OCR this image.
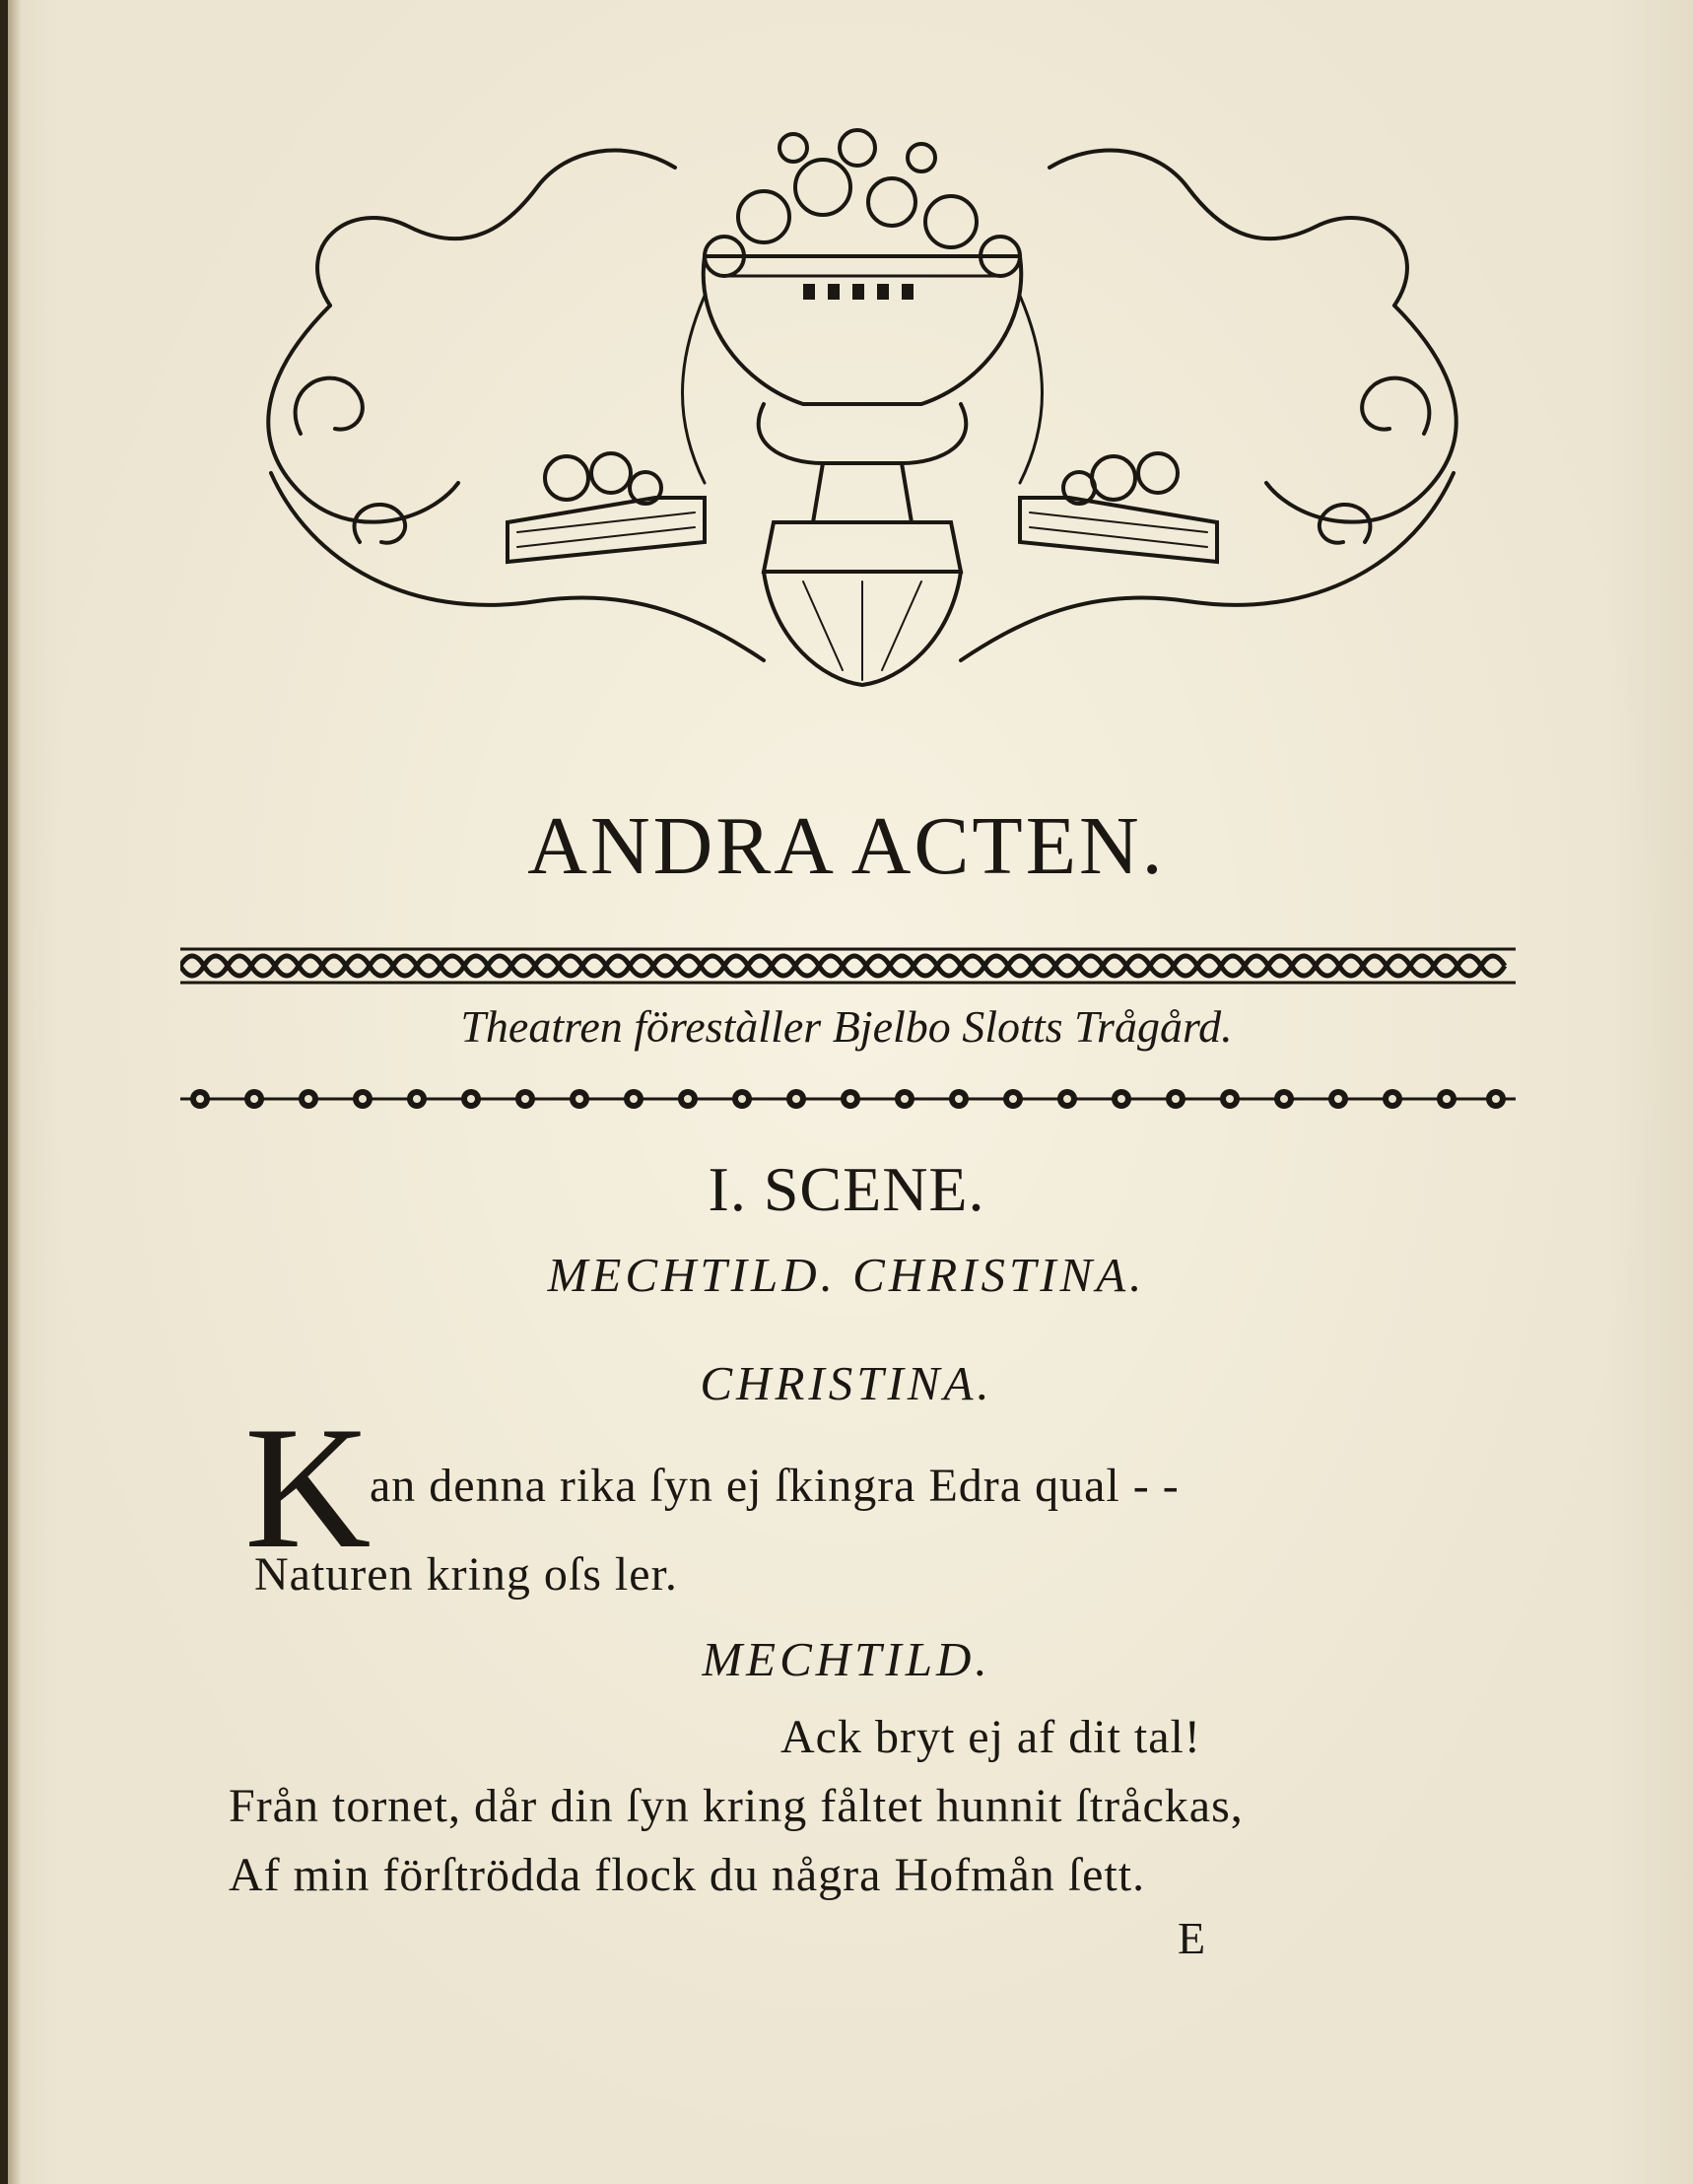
ANDRA ACTEN.
Theatren förestàller Bjelbo Slotts Trågård.
I. SCENE.
MECHTILD. CHRISTINA.
CHRISTINA.
K
an denna rika ſyn ej ſkingra Edra qual - -
Naturen kring oſs ler.
MECHTILD.
Ack bryt ej af dit tal!
Från tornet, dår din ſyn kring fåltet hunnit ſtråckas,
Af min förſtrödda flock du några Hofmån ſett.
E
